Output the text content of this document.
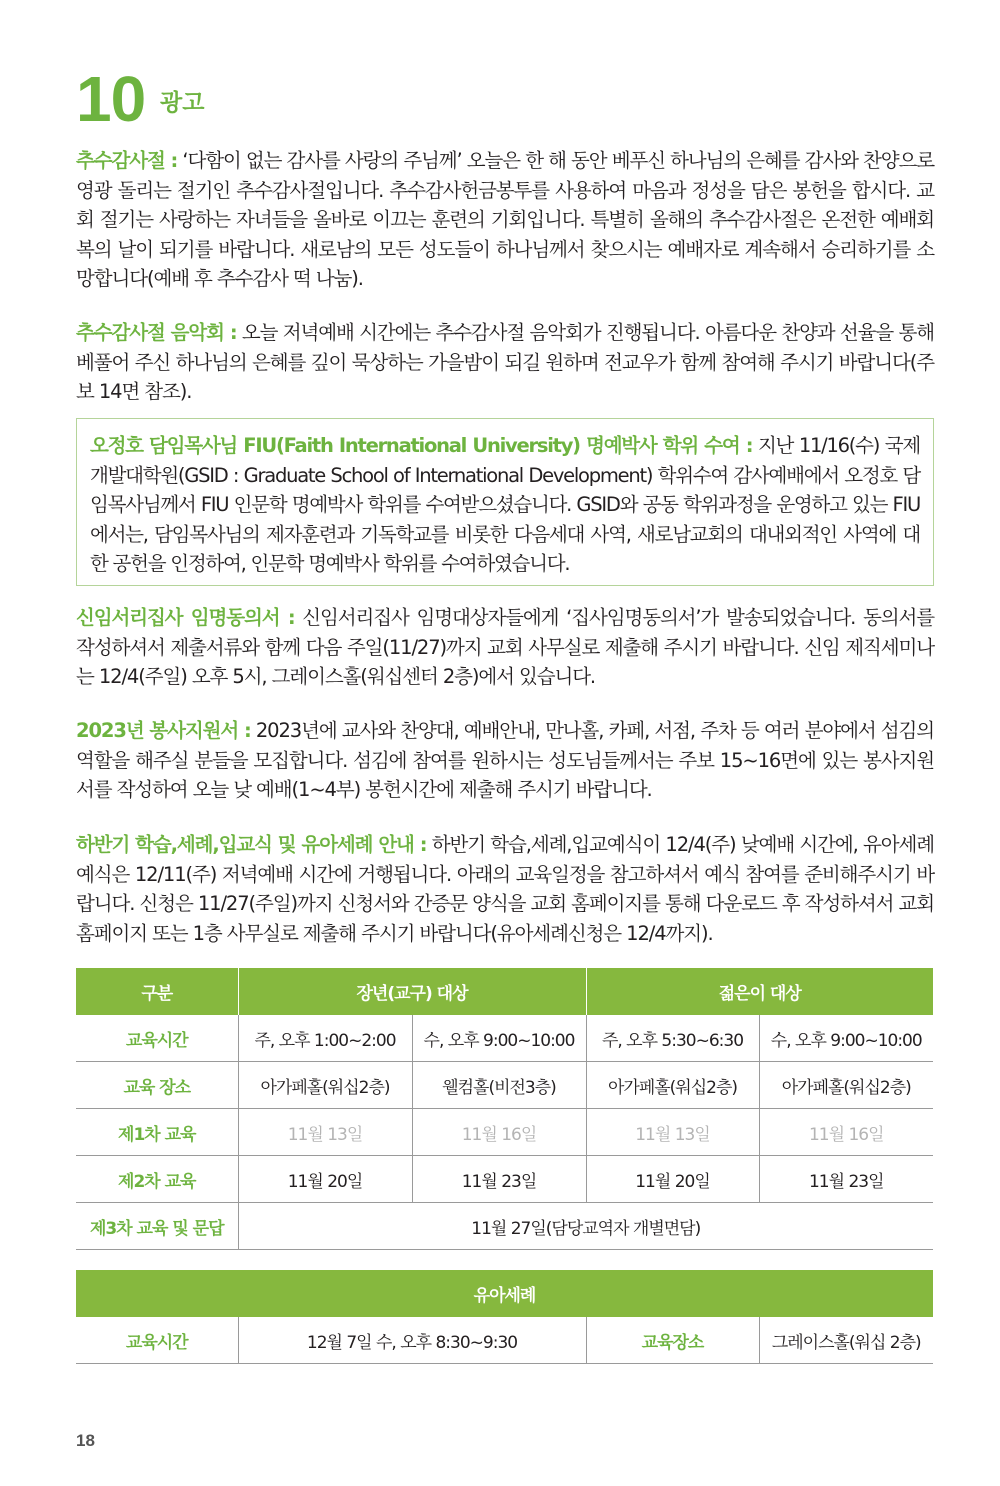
10 광고

추수감사절 : ‘다함이 없는 감사를 사랑의 주님께’ 오늘은 한 해 동안 베푸신 하나님의 은혜를 감사와 찬양으로 영광 돌리는 절기인 추수감사절입니다. 추수감사헌금봉투를 사용하여 마음과 정성을 담은 봉헌을 합시다. 교회 절기는 사랑하는 자녀들을 올바로 이끄는 훈련의 기회입니다. 특별히 올해의 추수감사절은 온전한 예배회복의 날이 되기를 바랍니다. 새로남의 모든 성도들이 하나님께서 찾으시는 예배자로 계속해서 승리하기를 소망합니다(예배 후 추수감사 떡 나눔).

추수감사절 음악회 : 오늘 저녁예배 시간에는 추수감사절 음악회가 진행됩니다. 아름다운 찬양과 선율을 통해 베풀어 주신 하나님의 은혜를 깊이 묵상하는 가을밤이 되길 원하며 전교우가 함께 참여해 주시기 바랍니다(주보 14면 참조).

오정호 담임목사님 FIU(Faith International University) 명예박사 학위 수여 : 지난 11/16(수) 국제개발대학원(GSID : Graduate School of International Development) 학위수여 감사예배에서 오정호 담임목사님께서 FIU 인문학 명예박사 학위를 수여받으셨습니다. GSID와 공동 학위과정을 운영하고 있는 FIU에서는, 담임목사님의 제자훈련과 기독학교를 비롯한 다음세대 사역, 새로남교회의 대내외적인 사역에 대한 공헌을 인정하여, 인문학 명예박사 학위를 수여하였습니다.

신임서리집사 임명동의서 : 신임서리집사 임명대상자들에게 ‘집사임명동의서’가 발송되었습니다. 동의서를 작성하셔서 제출서류와 함께 다음 주일(11/27)까지 교회 사무실로 제출해 주시기 바랍니다. 신임 제직세미나는 12/4(주일) 오후 5시, 그레이스홀(워십센터 2층)에서 있습니다.

2023년 봉사지원서 : 2023년에 교사와 찬양대, 예배안내, 만나홀, 카페, 서점, 주차 등 여러 분야에서 섬김의 역할을 해주실 분들을 모집합니다. 섬김에 참여를 원하시는 성도님들께서는 주보 15~16면에 있는 봉사지원서를 작성하여 오늘 낮 예배(1~4부) 봉헌시간에 제출해 주시기 바랍니다.

하반기 학습,세례,입교식 및 유아세례 안내 : 하반기 학습,세례,입교예식이 12/4(주) 낮예배 시간에, 유아세례예식은 12/11(주) 저녁예배 시간에 거행됩니다. 아래의 교육일정을 참고하셔서 예식 참여를 준비해주시기 바랍니다. 신청은 11/27(주일)까지 신청서와 간증문 양식을 교회 홈페이지를 통해 다운로드 후 작성하셔서 교회 홈페이지 또는 1층 사무실로 제출해 주시기 바랍니다(유아세례신청은 12/4까지).

구분	장년(교구) 대상		젊은이 대상	
교육시간	주, 오후 1:00~2:00	수, 오후 9:00~10:00	주, 오후 5:30~6:30	수, 오후 9:00~10:00
교육 장소	아가페홀(워십2층)	웰컴홀(비전3층)	아가페홀(워십2층)	아가페홀(워십2층)
제1차 교육	11월 13일	11월 16일	11월 13일	11월 16일
제2차 교육	11월 20일	11월 23일	11월 20일	11월 23일
제3차 교육 및 문답	11월 27일(담당교역자 개별면담)			
유아세례
교육시간	12월 7일 수, 오후 8:30~9:30	교육장소	그레이스홀(워십 2층)
18
